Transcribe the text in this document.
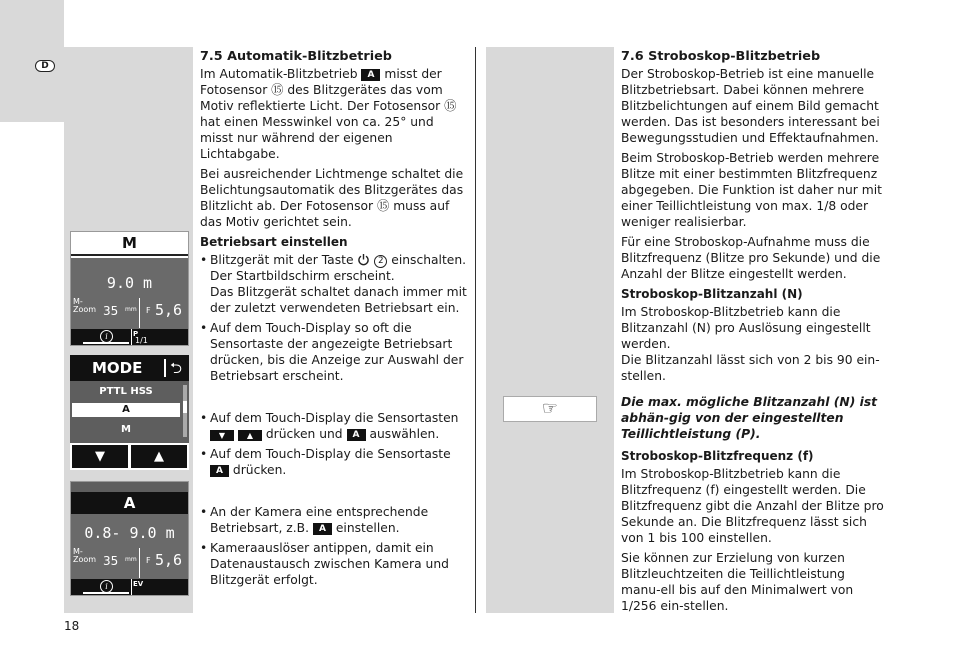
D
M
9.0 m
M-
Zoom 35 mm F 5,6
i	P
1/1
MODE	⮌
PTTL HSS
A
M
▼	▲
A
0.8- 9.0 m
M-
Zoom 35 mm F 5,6
i	EV
7.5 Automatik-Blitzbetrieb

Im Automatik-Blitzbetrieb A misst der Fotosensor ⑮ des Blitzgerätes das vom Motiv reflektierte Licht. Der Fotosensor ⑮ hat einen Messwinkel von ca. 25° und misst nur während der eigenen Lichtabgabe.

Bei ausreichender Lichtmenge schaltet die Belichtungsautomatik des Blitzgerätes das Blitzlicht ab. Der Fotosensor ⑮ muss auf das Motiv gerichtet sein.

Betriebsart einstellen
• Blitzgerät mit der Taste	2 einschalten. Der Startbildschirm erscheint.
Das Blitzgerät schaltet danach immer mit der zuletzt verwendeten Betriebsart ein.
• Auf dem Touch-Display so oft die Sensortaste der angezeigte Betriebsart drücken, bis die Anzeige zur Auswahl der Betriebsart erscheint.
• Auf dem Touch-Display die Sensortasten ▼	▲ drücken und A auswählen.
• Auf dem Touch-Display die Sensortaste A drücken.
• An der Kamera eine entsprechende Betriebsart, z.B. A einstellen.
• Kameraauslöser antippen, damit ein Datenaustausch zwischen Kamera und Blitzgerät erfolgt.
7.6 Stroboskop-Blitzbetrieb

Der Stroboskop-Betrieb ist eine manuelle Blitzbetriebsart. Dabei können mehrere Blitzbelichtungen auf einem Bild gemacht werden. Das ist besonders interessant bei Bewegungsstudien und Effektaufnahmen.

Beim Stroboskop-Betrieb werden mehrere Blitze mit einer bestimmten Blitzfrequenz abgegeben. Die Funktion ist daher nur mit einer Teillichtleistung von max. 1/8 oder weniger realisierbar.

Für eine Stroboskop-Aufnahme muss die Blitzfrequenz (Blitze pro Sekunde) und die Anzahl der Blitze eingestellt werden.

Stroboskop-Blitzanzahl (N)

Im Stroboskop-Blitzbetrieb kann die Blitzanzahl (N) pro Auslösung eingestellt werden.

Die Blitzanzahl lässt sich von 2 bis 90 ein-stellen.

Die max. mögliche Blitzanzahl (N) ist abhän-gig von der eingestellten Teillichtleistung (P).

Stroboskop-Blitzfrequenz (f)

Im Stroboskop-Blitzbetrieb kann die Blitzfrequenz (f) eingestellt werden. Die Blitzfrequenz gibt die Anzahl der Blitze pro Sekunde an. Die Blitzfrequenz lässt sich von 1 bis 100 einstellen.

Sie können zur Erzielung von kurzen Blitzleuchtzeiten die Teillichtleistung manu-ell bis auf den Minimalwert von 1/256 ein-stellen.

☞
18
